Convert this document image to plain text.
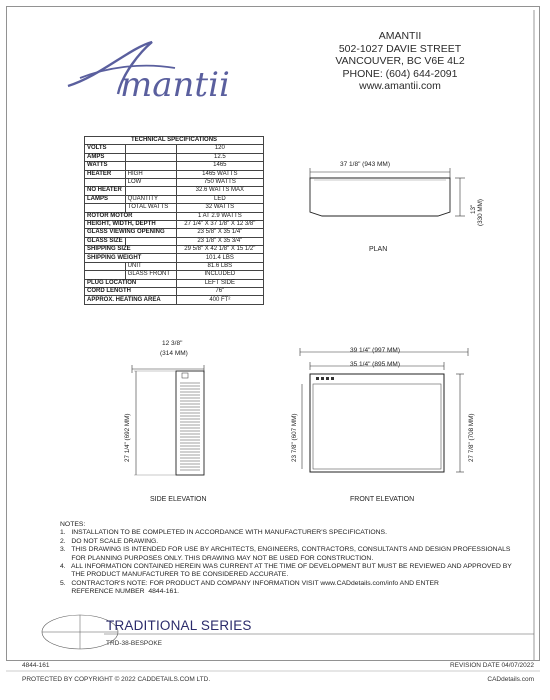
mantii
AMANTII
502-1027 DAVIE STREET
VANCOUVER, BC V6E 4L2
PHONE: (604) 644-2091
www.amantii.com
TECHNICAL SPECIFICATIONS		
VOLTS		120
AMPS		12.5
WATTS		1465
HEATER	HIGH	1465 WATTS
	LOW	750 WATTS
NO HEATER		32.6 WATTS MAX
LAMPS	QUANTITY	LED
	TOTAL WATTS	32 WATTS
ROTOR MOTOR		1 AT 2.9 WATTS
HEIGHT, WIDTH, DEPTH		27 1/4" X 37 1/8" X 12 3/8"
GLASS VIEWING OPENING		23 5/8" X 35 1/4"
GLASS SIZE		23 1/8" X 35 3/4"
SHIPPING SIZE		29 5/8" X 42 1/8" X 15 1/2"
SHIPPING WEIGHT		101.4 LBS
	UNIT	81.6 LBS
	GLASS FRONT	INCLUDED
PLUG LOCATION		LEFT SIDE
CORD LENGTH		76"
APPROX. HEATING AREA		400 FT²
37 1/8" (943 MM)
13" (330 MM)
PLAN
12 3/8"
(314 MM)
27 1/4" (692 MM)
SIDE ELEVATION
39 1/4" (997 MM)
35 1/4" (895 MM)
23 7/8" (607 MM)	27 7/8" (708 MM)
FRONT ELEVATION
NOTES:
1.   INSTALLATION TO BE COMPLETED IN ACCORDANCE WITH MANUFACTURER'S SPECIFICATIONS.
2.   DO NOT SCALE DRAWING.
3.   THIS DRAWING IS INTENDED FOR USE BY ARCHITECTS, ENGINEERS, CONTRACTORS, CONSULTANTS AND DESIGN PROFESSIONALS
FOR PLANNING PURPOSES ONLY. THIS DRAWING MAY NOT BE USED FOR CONSTRUCTION.
4.   ALL INFORMATION CONTAINED HEREIN WAS CURRENT AT THE TIME OF DEVELOPMENT BUT MUST BE REVIEWED AND APPROVED BY
THE PRODUCT MANUFACTURER TO BE CONSIDERED ACCURATE.
5.   CONTRACTOR'S NOTE: FOR PRODUCT AND COMPANY INFORMATION VISIT www.CADdetails.com/info AND ENTER
REFERENCE NUMBER  4844-161.
TRADITIONAL SERIES
TRD-38-BESPOKE
4844-161	REVISION DATE 04/07/2022
PROTECTED BY COPYRIGHT © 2022 CADDETAILS.COM LTD.	CADdetails.com
